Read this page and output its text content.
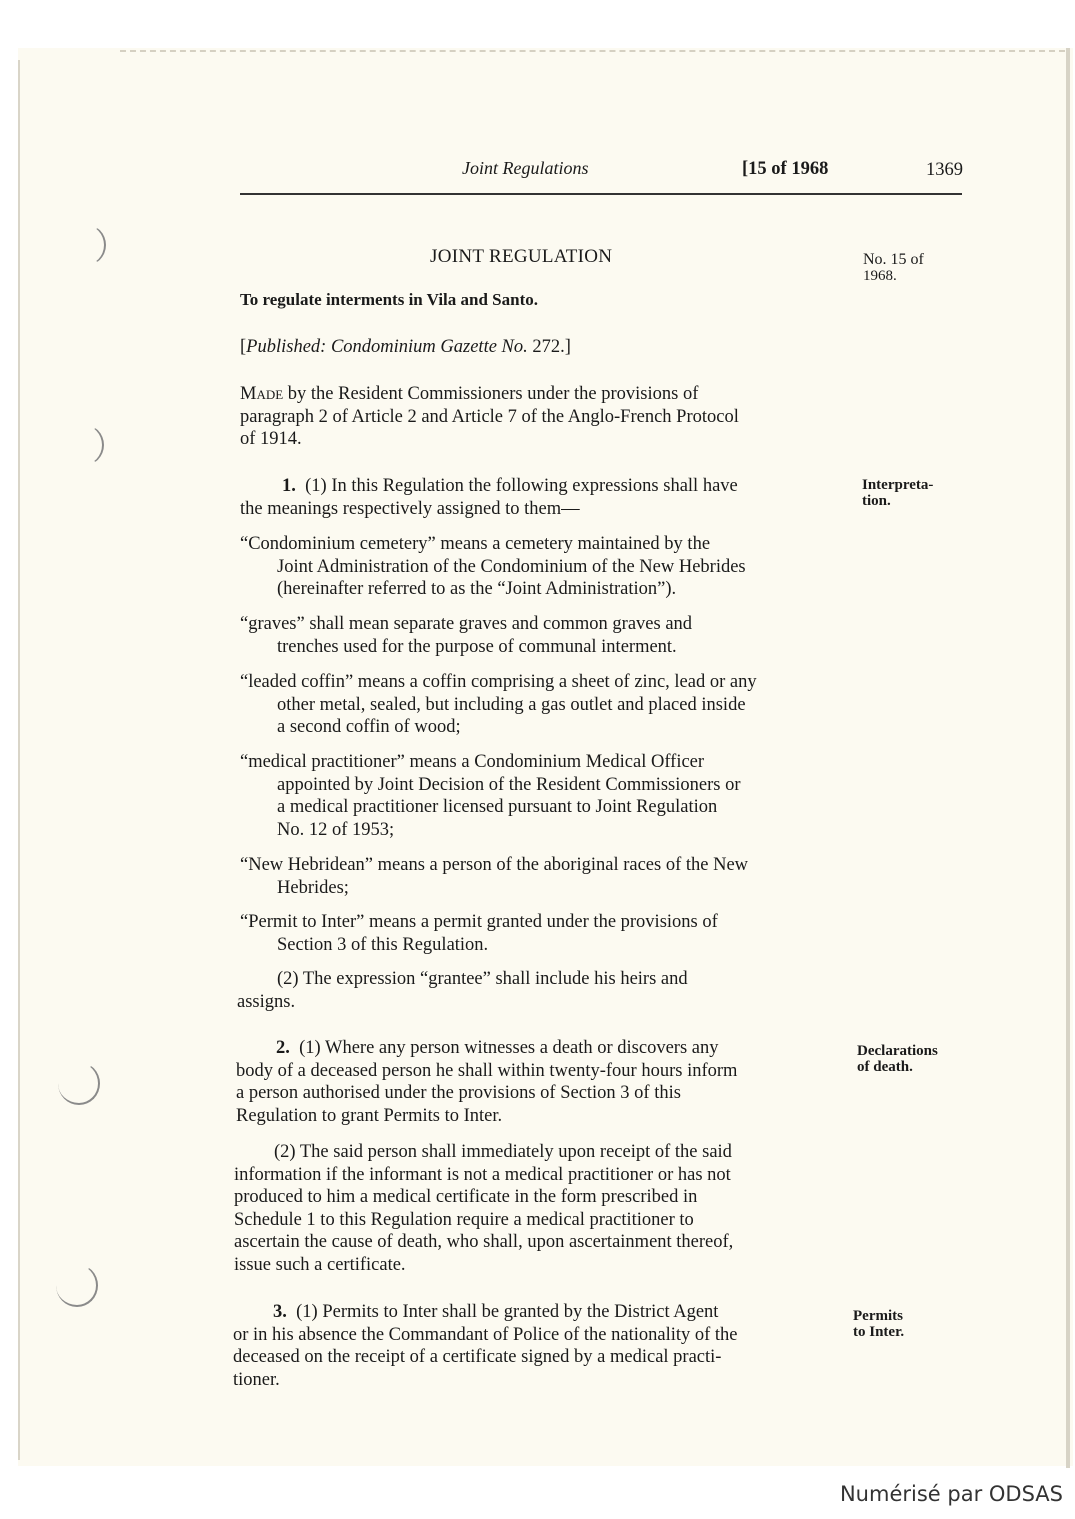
Joint Regulations	[15 of 1968	1369
JOINT REGULATION
To regulate interments in Vila and Santo.
[Published: Condominium Gazette No. 272.]
No. 15 of
1968.
Interpreta-
tion.
Declarations
of death.
Permits
to Inter.
Made by the Resident Commissioners under the provisions of
paragraph 2 of Article 2 and Article 7 of the Anglo-French Protocol
of 1914.
1. (1) In this Regulation the following expressions shall have
the meanings respectively assigned to them—
“Condominium cemetery” means a cemetery maintained by the
Joint Administration of the Condominium of the New Hebrides
(hereinafter referred to as the “Joint Administration”).
“graves” shall mean separate graves and common graves and
trenches used for the purpose of communal interment.
“leaded coffin” means a coffin comprising a sheet of zinc, lead or any
other metal, sealed, but including a gas outlet and placed inside
a second coffin of wood;
“medical practitioner” means a Condominium Medical Officer
appointed by Joint Decision of the Resident Commissioners or
a medical practitioner licensed pursuant to Joint Regulation
No. 12 of 1953;
“New Hebridean” means a person of the aboriginal races of the New
Hebrides;
“Permit to Inter” means a permit granted under the provisions of
Section 3 of this Regulation.
(2) The expression “grantee” shall include his heirs and
assigns.
2. (1) Where any person witnesses a death or discovers any
body of a deceased person he shall within twenty-four hours inform
a person authorised under the provisions of Section 3 of this
Regulation to grant Permits to Inter.
(2) The said person shall immediately upon receipt of the said
information if the informant is not a medical practitioner or has not
produced to him a medical certificate in the form prescribed in
Schedule 1 to this Regulation require a medical practitioner to
ascertain the cause of death, who shall, upon ascertainment thereof,
issue such a certificate.
3. (1) Permits to Inter shall be granted by the District Agent
or in his absence the Commandant of Police of the nationality of the
deceased on the receipt of a certificate signed by a medical practi-
tioner.
Numérisé par ODSAS
